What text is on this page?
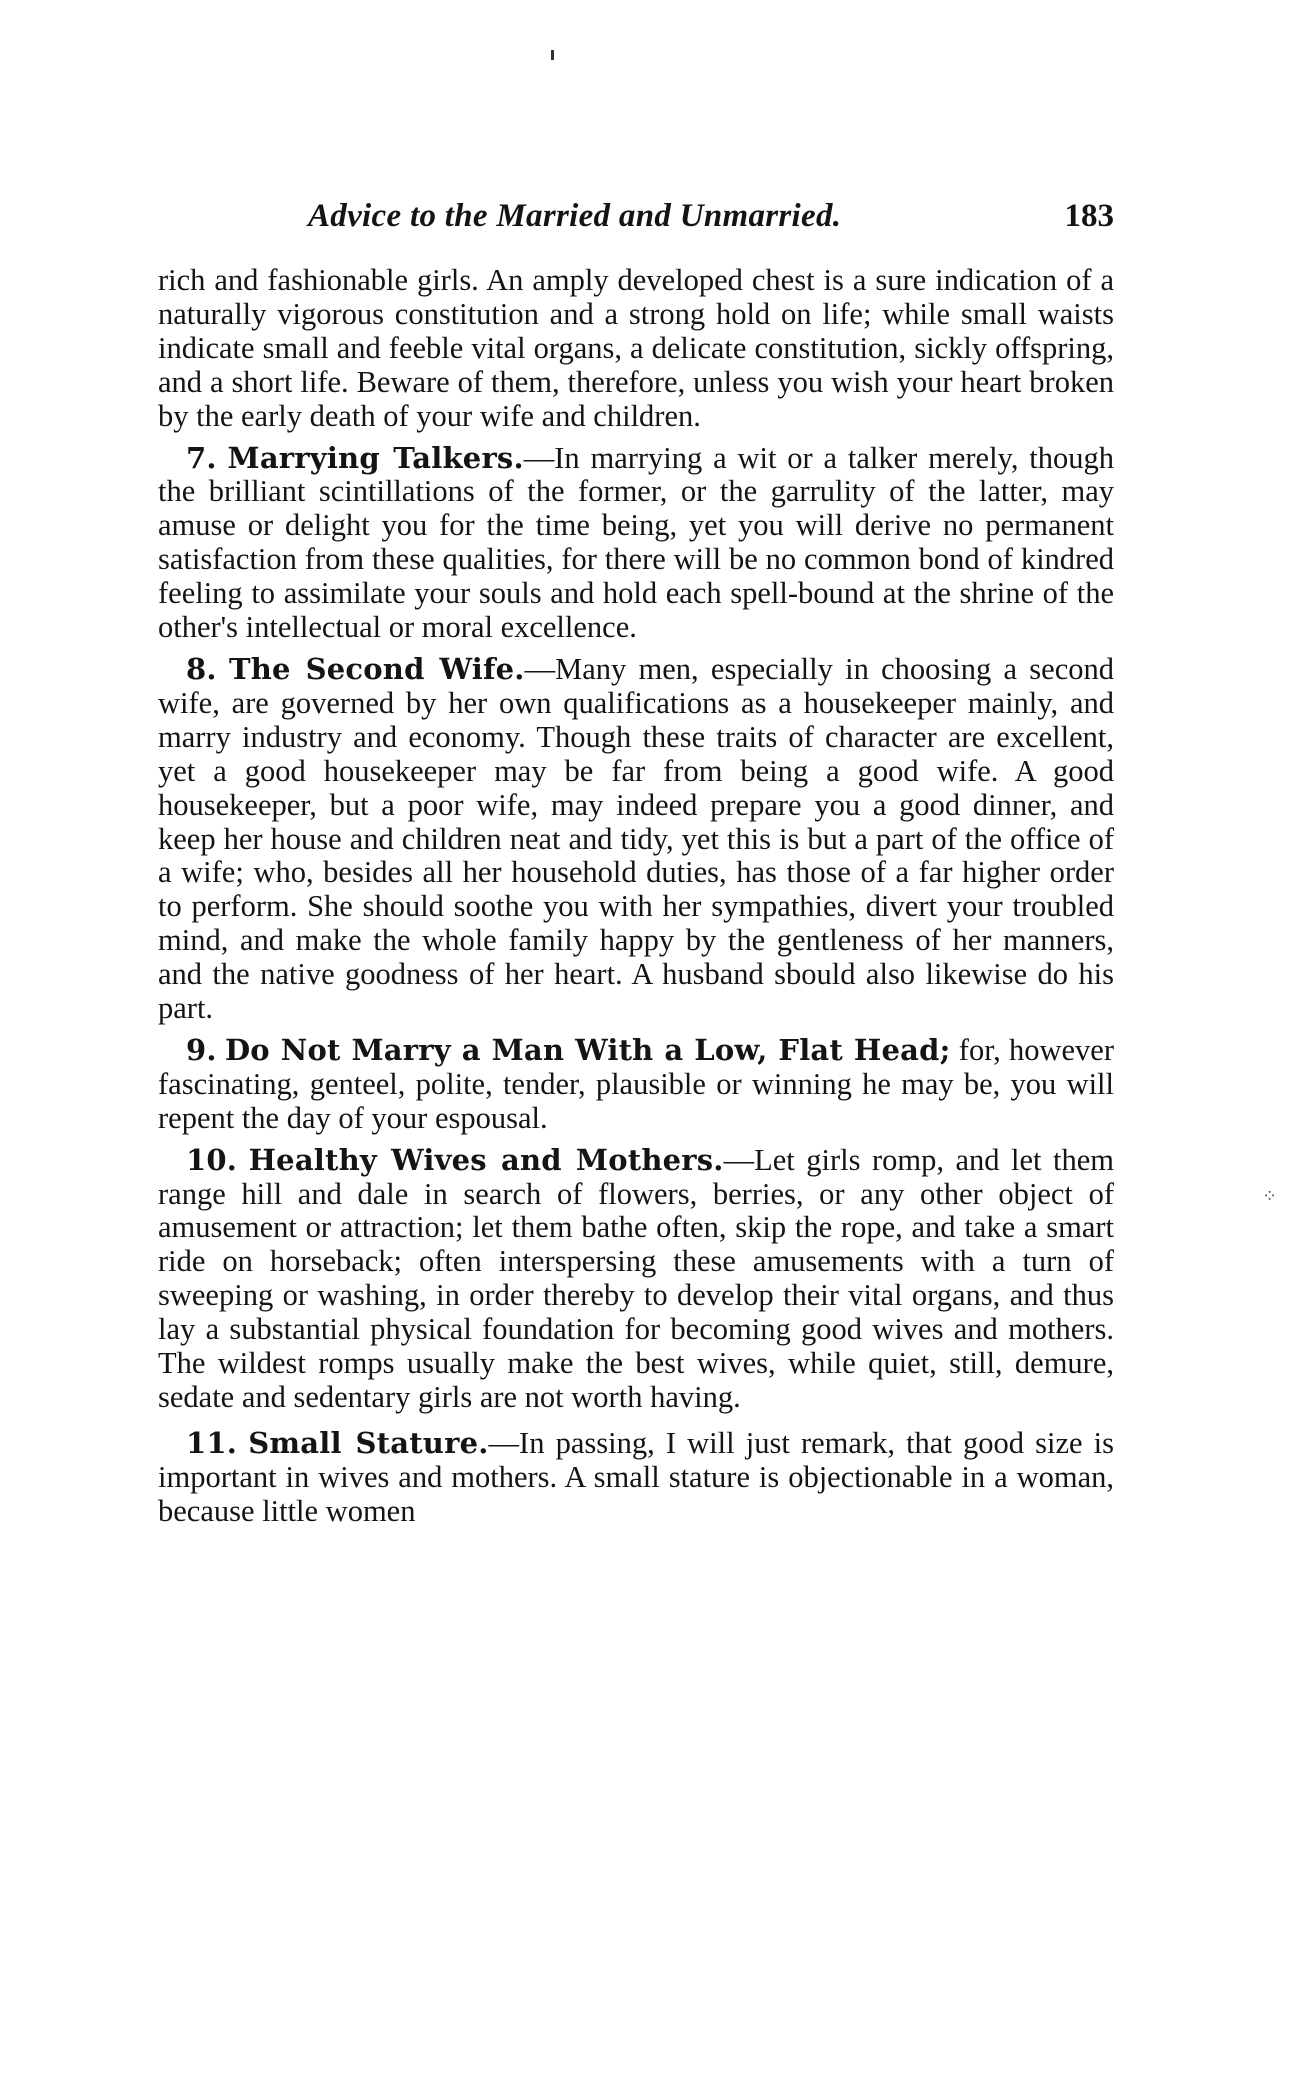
Advice to the Married and Unmarried.	183

rich and fashionable girls. An amply developed chest is a sure indication of a naturally vigorous constitution and a strong hold on life; while small waists indicate small and feeble vital organs, a delicate constitution, sickly offspring, and a short life. Beware of them, therefore, unless you wish your heart broken by the early death of your wife and children.

7. Marrying Talkers.—In marrying a wit or a talker merely, though the brilliant scintillations of the former, or the garrulity of the latter, may amuse or delight you for the time being, yet you will derive no permanent satisfaction from these qualities, for there will be no common bond of kindred feeling to assimilate your souls and hold each spell-bound at the shrine of the other's intellectual or moral excellence.

8. The Second Wife.—Many men, especially in choosing a second wife, are governed by her own qualifications as a housekeeper mainly, and marry industry and economy. Though these traits of character are excellent, yet a good housekeeper may be far from being a good wife. A good housekeeper, but a poor wife, may indeed prepare you a good dinner, and keep her house and children neat and tidy, yet this is but a part of the office of a wife; who, besides all her household duties, has those of a far higher order to perform. She should soothe you with her sympathies, divert your troubled mind, and make the whole family happy by the gentleness of her manners, and the native goodness of her heart. A husband sbould also likewise do his part.

9. Do Not Marry a Man With a Low, Flat Head; for, however fascinating, genteel, polite, tender, plausible or winning he may be, you will repent the day of your espousal.

10. Healthy Wives and Mothers.—Let girls romp, and let them range hill and dale in search of flowers, berries, or any other object of amusement or attraction; let them bathe often, skip the rope, and take a smart ride on horseback; often interspersing these amusements with a turn of sweeping or washing, in order thereby to develop their vital organs, and thus lay a substantial physical foundation for becoming good wives and mothers. The wildest romps usually make the best wives, while quiet, still, demure, sedate and sedentary girls are not worth having.

11. Small Stature.—In passing, I will just remark, that good size is important in wives and mothers. A small stature is objectionable in a woman, because little women

⁘
